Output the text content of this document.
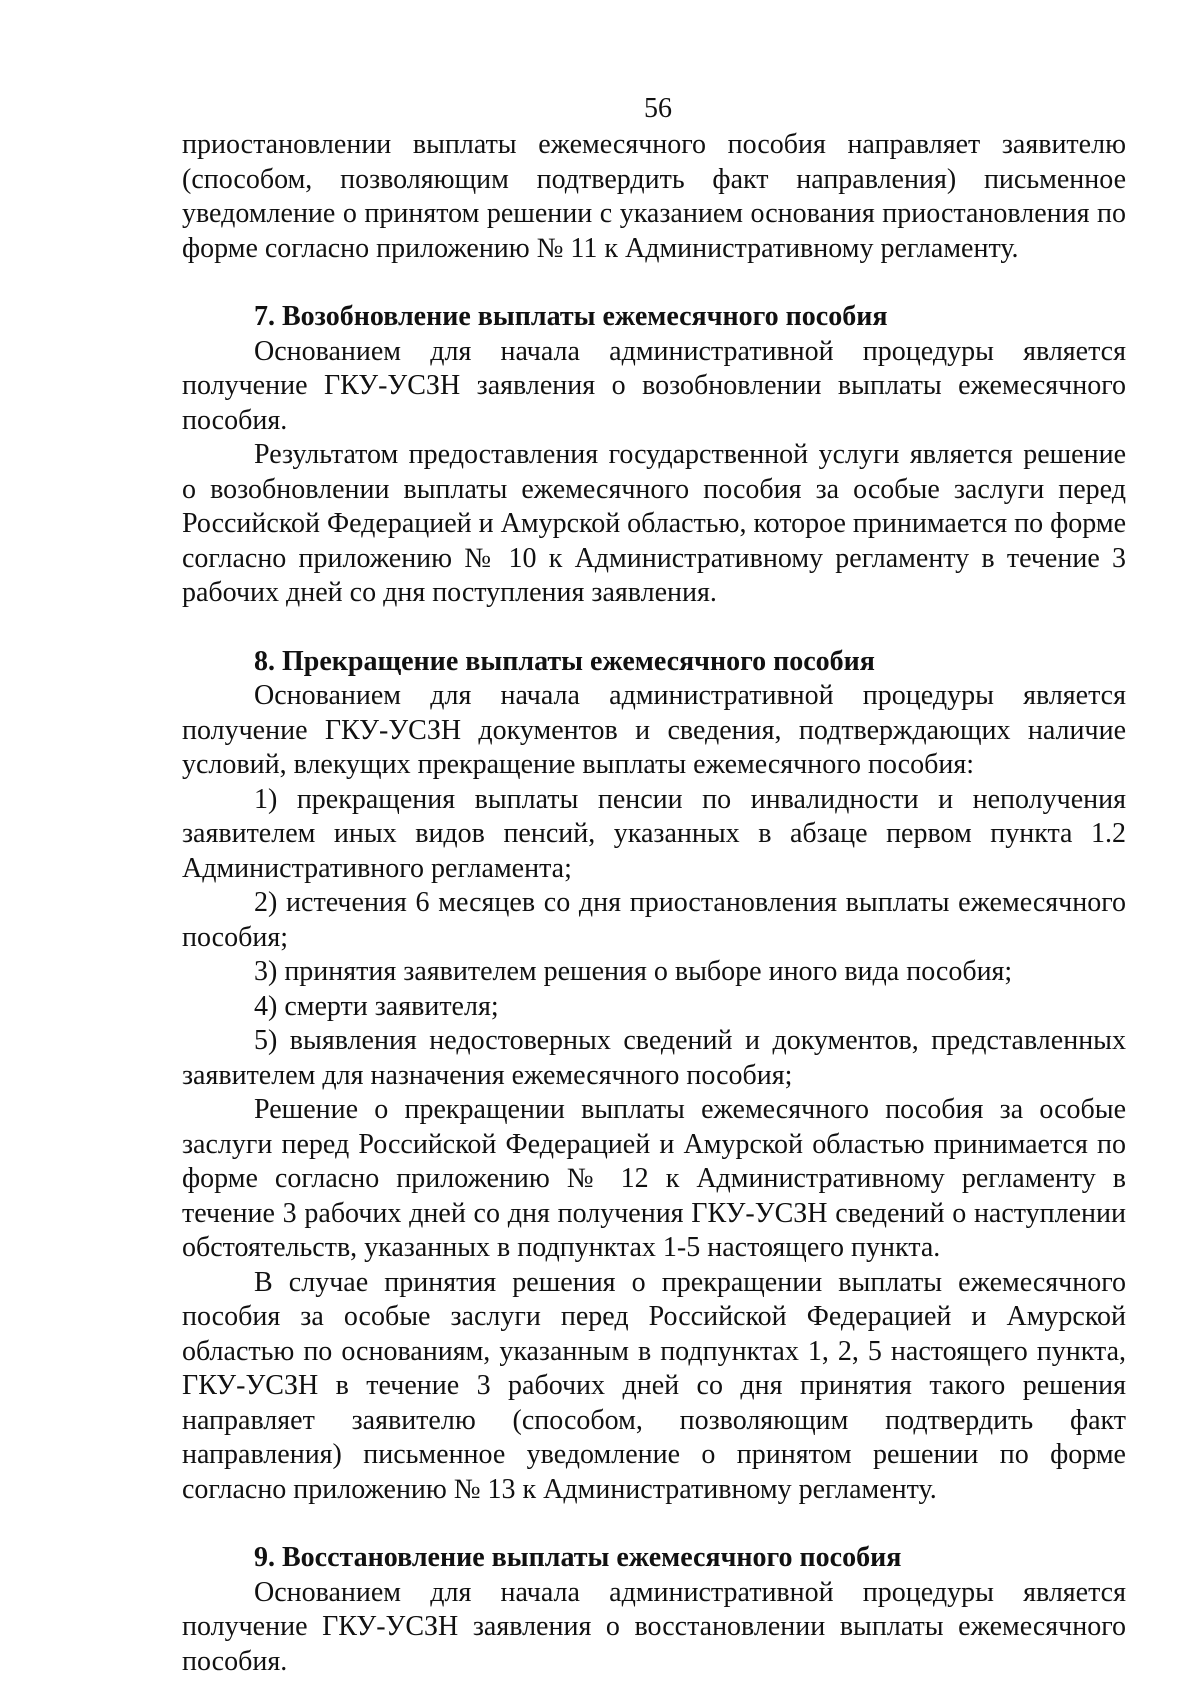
56

приостановлении выплаты ежемесячного пособия направляет заявителю (способом, позволяющим подтвердить факт направления) письменное уведомление о принятом решении с указанием основания приостановления по форме согласно приложению № 11 к Административному регламенту.

7. Возобновление выплаты ежемесячного пособия

Основанием для начала административной процедуры является получение ГКУ-УСЗН заявления о возобновлении выплаты ежемесячного пособия.

Результатом предоставления государственной услуги является решение о возобновлении выплаты ежемесячного пособия за особые заслуги перед Российской Федерацией и Амурской областью, которое принимается по форме согласно приложению № 10 к Административному регламенту в течение 3 рабочих дней со дня поступления заявления.

8. Прекращение выплаты ежемесячного пособия

Основанием для начала административной процедуры является получение ГКУ-УСЗН документов и сведения, подтверждающих наличие условий, влекущих прекращение выплаты ежемесячного пособия:

1) прекращения выплаты пенсии по инвалидности и неполучения заявителем иных видов пенсий, указанных в абзаце первом пункта 1.2 Административного регламента;

2) истечения 6 месяцев со дня приостановления выплаты ежемесячного пособия;

3) принятия заявителем решения о выборе иного вида пособия;

4) смерти заявителя;

5) выявления недостоверных сведений и документов, представленных заявителем для назначения ежемесячного пособия;

Решение о прекращении выплаты ежемесячного пособия за особые заслуги перед Российской Федерацией и Амурской областью принимается по форме согласно приложению № 12 к Административному регламенту в течение 3 рабочих дней со дня получения ГКУ-УСЗН сведений о наступлении обстоятельств, указанных в подпунктах 1-5 настоящего пункта.

В случае принятия решения о прекращении выплаты ежемесячного пособия за особые заслуги перед Российской Федерацией и Амурской областью по основаниям, указанным в подпунктах 1, 2, 5 настоящего пункта, ГКУ-УСЗН в течение 3 рабочих дней со дня принятия такого решения направляет заявителю (способом, позволяющим подтвердить факт направления) письменное уведомление о принятом решении по форме согласно приложению № 13 к Административному регламенту.

9. Восстановление выплаты ежемесячного пособия

Основанием для начала административной процедуры является получение ГКУ-УСЗН заявления о восстановлении выплаты ежемесячного пособия.
